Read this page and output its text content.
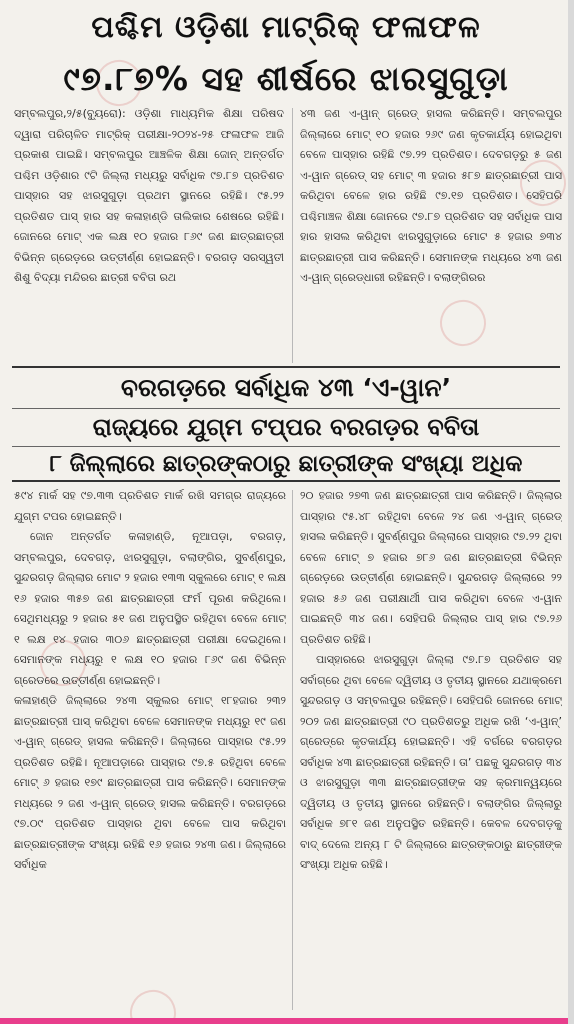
ପଶ୍ଚିମ ଓଡ଼ିଶା ମାଟ୍ରିକ୍ ଫଳାଫଳ
୯୭.୮୭% ସହ ଶୀର୍ଷରେ ଝାରସୁଗୁଡ଼ା
ସମ୍ବଲପୁର,୨/୫(ବ୍ୟୁରୋ): ଓଡ଼ିଶା ମାଧ୍ୟମିକ ଶିକ୍ଷା ପରିଷଦ ଦ୍ୱାରା ପରିଚାଳିତ ମାଟ୍ରିକ୍ ପରୀକ୍ଷା-୨୦୨୪-୨୫ ଫଳାଫଳ ଆଜି ପ୍ରକାଶ ପାଇଛି। ସମ୍ବଲପୁର ଆଞ୍ଚଳିକ ଶିକ୍ଷା ଜୋନ୍ ଅନ୍ତର୍ଗତ ପଶ୍ଚିମ ଓଡ଼ିଶାର ୯ଟି ଜିଲ୍ଲା ମଧ୍ୟରୁ ସର୍ବାଧିକ ୯୭.୮୭ ପ୍ରତିଶତ ପାସ୍‌ହାର ସହ ଝାରସୁଗୁଡ଼ା ପ୍ରଥମ ସ୍ଥାନରେ ରହିଛି। ୯୫.୨୨ ପ୍ରତିଶତ ପାସ୍ ହାର ସହ କଳାହାଣ୍ଡି ତାଲିକାର ଶେଷରେ ରହିଛି। ଜୋନରେ ମୋଟ୍ ଏକ ଲକ୍ଷ ୧୦ ହଜାର ୮୬୯ ଜଣ ଛାତ୍ରଛାତ୍ରୀ ବିଭିନ୍ନ ଗ୍ରେଡ଼ରେ ଉତ୍ତୀର୍ଣ୍ଣ ହୋଇଛନ୍ତି। ବରଗଡ଼ ସରସ୍ୱତୀ ଶିଶୁ ବିଦ୍ୟା ମନ୍ଦିରର ଛାତ୍ରୀ ବବିତା ରଥ
୪୩ ଜଣ ଏ-ୱାନ୍ ଗ୍ରେଡ୍ ହାସଲ କରିଛନ୍ତି। ସମ୍ବଲପୁର ଜିଲ୍ଲାରେ ମୋଟ୍ ୧୦ ହଜାର ୨୬୯ ଜଣ କୃତକାର୍ଯ୍ୟ ହୋଇଥିବା ବେଳେ ପାସ୍‌ହାର ରହିଛି ୯୭.୨୨ ପ୍ରତିଶତ। ଦେବଗଡ଼ରୁ ୫ ଜଣ ଏ-ୱାନ ଗ୍ରେଡ୍ ସହ ମୋଟ୍ ୩ ହଜାର ୫୮୭ ଛାତ୍ରଛାତ୍ରୀ ପାସ କରିଥିବା ବେଳେ ହାର ରହିଛି ୯୭.୧୭ ପ୍ରତିଶତ। ସେହିପରି ପଶ୍ଚିମାଞ୍ଚଳ ଶିକ୍ଷା ଜୋନରେ ୯୭.୮୭ ପ୍ରତିଶତ ସହ ସର୍ବାଧିକ ପାସ ହାର ହାସଲ କରିଥିବା ଝାରସୁଗୁଡ଼ାରେ ମୋଟ ୫ ହଜାର ୭୩୪ ଛାତ୍ରଛାତ୍ରୀ ପାସ କରିଛନ୍ତି। ସେମାନଙ୍କ ମଧ୍ୟରେ ୪୩ ଜଣ ଏ-ୱାନ୍ ଗ୍ରେଡ୍‌ଧାରୀ ରହିଛନ୍ତି। ବଲାଙ୍ଗିରର
ବରଗଡ଼ରେ ସର୍ବାଧିକ ୪୩ ‘ଏ-ୱାନ’
ରାଜ୍ୟରେ ଯୁଗ୍ମ ଟପ୍ପର ବରଗଡ଼ର ବବିତା
୮ ଜିଲ୍ଲାରେ ଛାତ୍ରଙ୍କଠାରୁ ଛାତ୍ରୀଙ୍କ ସଂଖ୍ୟା ଅଧିକ

୫୯୪ ମାର୍କ ସହ ୯୭.୩୩ ପ୍ରତିଶତ ମାର୍କ ରଖି ସମଗ୍ର ରାଜ୍ୟରେ ଯୁଗ୍ମ ଟପର ହୋଇଛନ୍ତି।

ଜୋନ ଅନ୍ତର୍ଗତ କଳାହାଣ୍ଡି, ନୂଆପଡ଼ା, ବରଗଡ଼, ସମ୍ବଲପୁର, ଦେବଗଡ଼, ଝାରସୁଗୁଡ଼ା, ବଲାଙ୍ଗିର, ସୁବର୍ଣ୍ଣପୁର, ସୁନ୍ଦରଗଡ଼ ଜିଲ୍ଲାର ମୋଟ ୨ ହଜାର ୧୩୩ ସ୍କୁଲରେ ମୋଟ୍ ୧ ଲକ୍ଷ ୧୬ ହଜାର ୩୫୭ ଜଣ ଛାତ୍ରଛାତ୍ରୀ ଫର୍ମ ପୂରଣ କରିଥିଲେ। ସେଥିମଧ୍ୟରୁ ୨ ହଜାର ୫୧ ଜଣ ଅନୁପସ୍ଥିତ ରହିଥିବା ବେଳେ ମୋଟ୍ ୧ ଲକ୍ଷ ୧୪ ହଜାର ୩୦୬ ଛାତ୍ରଛାତ୍ରୀ ପରୀକ୍ଷା ଦେଇଥିଲେ। ସେମାନଙ୍କ ମଧ୍ୟରୁ ୧ ଲକ୍ଷ ୧୦ ହଜାର ୮୬୯ ଜଣ ବିଭିନ୍ନ ଗ୍ରେଡରେ ଉତ୍ତୀର୍ଣ୍ଣ ହୋଇଛନ୍ତି।

କଳାହାଣ୍ଡି ଜିଲ୍ଲାରେ ୨୪୩ ସ୍କୁଲର ମୋଟ୍ ୧୮ହଜାର ୨୩୨ ଛାତ୍ରଛାତ୍ରୀ ପାସ୍ କରିଥିବା ବେଳେ ସେମାନଙ୍କ ମଧ୍ୟରୁ ୧୯ ଜଣ ଏ-ୱାନ୍ ଗ୍ରେଡ୍ ହାସଲ କରିଛନ୍ତି। ଜିଲ୍ଲାରେ ପାସ୍‌ହାର ୯୫.୨୨ ପ୍ରତିଶତ ରହିଛି। ନୂଆପଡ଼ାରେ ପାସ୍‌ହାର ୯୭.୫ ରହିଥିବା ବେଳେ ମୋଟ୍ ୬ ହଜାର ୧୭୯ ଛାତ୍ରଛାତ୍ରୀ ପାସ କରିଛନ୍ତି। ସେମାନଙ୍କ ମଧ୍ୟରେ ୨ ଜଣ ଏ-ୱାନ୍ ଗ୍ରେଡ୍ ହାସଲ କରିଛନ୍ତି। ବରଗଡ଼ରେ ୯୭.୦୯ ପ୍ରତିଶତ ପାସ୍‌ହାର ଥିବା ବେଳେ ପାସ କରିଥିବା ଛାତ୍ରଛାତ୍ରୀଙ୍କ ସଂଖ୍ୟା ରହିଛି ୧୬ ହଜାର ୨୪୩ ଜଣ। ଜିଲ୍ଲାରେ ସର୍ବାଧିକ

୨୦ ହଜାର ୨୭୩ ଜଣ ଛାତ୍ରଛାତ୍ରୀ ପାସ କରିଛନ୍ତି। ଜିଲ୍ଲାର ପାସ୍‌ହାର ୯୫.୪୮ ରହିଥିବା ବେଳେ ୨୪ ଜଣ ଏ-ୱାନ୍ ଗ୍ରେଡ୍ ହାସଲ କରିଛନ୍ତି। ସୁବର୍ଣ୍ଣପୁର ଜିଲ୍ଲାରେ ପାସ୍‌ହାର ୯୭.୨୨ ଥିବା ବେଳେ ମୋଟ୍ ୭ ହଜାର ୭୮୬ ଜଣ ଛାତ୍ରଛାତ୍ରୀ ବିଭିନ୍ନ ଗ୍ରେଡ଼ରେ ଉତ୍ତୀର୍ଣ୍ଣ ହୋଇଛନ୍ତି। ସୁନ୍ଦରଗଡ଼ ଜିଲ୍ଲାରେ ୨୨ ହଜାର ୫୬ ଜଣ ପରୀକ୍ଷାର୍ଥୀ ପାସ କରିଥିବା ବେଳେ ଏ-ୱାନ ପାଇଛନ୍ତି ୩୪ ଜଣ। ସେହିପରି ଜିଲ୍ଲାର ପାସ୍ ହାର ୯୭.୨୬ ପ୍ରତିଶତ ରହିଛି।

ପାସ୍‌ହାରରେ ଝାରସୁଗୁଡ଼ା ଜିଲ୍ଲା ୯୭.୮୭ ପ୍ରତିଶତ ସହ ସର୍ବାଗ୍ରେ ଥିବା ବେଳେ ଦ୍ୱିତୀୟ ଓ ତୃତୀୟ ସ୍ଥାନରେ ଯଥାକ୍ରମେ ସୁନ୍ଦରଗଡ଼ ଓ ସମ୍ବଲପୁର ରହିଛନ୍ତି। ସେହିପରି ଜୋନରେ ମୋଟ୍ ୨୦୨ ଜଣ ଛାତ୍ରଛାତ୍ରୀ ୯୦ ପ୍ରତିଶତରୁ ଅଧିକ ରଖି ‘ଏ-ୱାନ୍’ ଗ୍ରେଡ୍‌ରେ କୃତକାର୍ଯ୍ୟ ହୋଇଛନ୍ତି। ଏହି ବର୍ଗରେ ବରଗଡ଼ର ସର୍ବାଧିକ ୪୩ ଛାତ୍ରଛାତ୍ରୀ ରହିଛନ୍ତି। ତା’ ପଛକୁ ସୁନ୍ଦରଗଡ଼ ୩୪ ଓ ଝାରସୁଗୁଡ଼ା ୩୩ ଛାତ୍ରଛାତ୍ରୀଙ୍କ ସହ କ୍ରମାନ୍ୱୟରେ ଦ୍ୱିତୀୟ ଓ ତୃତୀୟ ସ୍ଥାନରେ ରହିଛନ୍ତି। ବଲାଙ୍ଗିର ଜିଲ୍ଲାରୁ ସର୍ବାଧିକ ୭୮୧ ଜଣ ଅନୁପସ୍ଥିତ ରହିଛନ୍ତି। କେବଳ ଦେବଗଡ଼କୁ ବାଦ୍ ଦେଲେ ଅନ୍ୟ ୮ ଟି ଜିଲ୍ଲାରେ ଛାତ୍ରଙ୍କଠାରୁ ଛାତ୍ରୀଙ୍କ ସଂଖ୍ୟା ଅଧିକ ରହିଛି।
